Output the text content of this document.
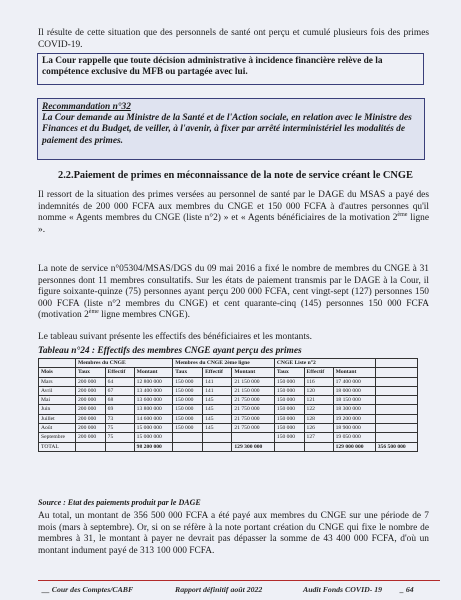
Il résulte de cette situation que des personnels de santé ont perçu et cumulé plusieurs fois des primes COVID-19.

La Cour rappelle que toute décision administrative à incidence financière relève de la compétence exclusive du MFB ou partagée avec lui.
Recommandation n°32
La Cour demande au Ministre de la Santé et de l'Action sociale, en relation avec le Ministre des Finances et du Budget, de veiller, à l'avenir, à fixer par arrêté interministériel les modalités de paiement des primes.
2.2.Paiement de primes en méconnaissance de la note de service créant le CNGE

Il ressort de la situation des primes versées au personnel de santé par le DAGE du MSAS a payé des indemnités de 200 000 FCFA aux membres du CNGE et 150 000 FCFA à d'autres personnes qu'il nomme « Agents membres du CNGE (liste n°2) » et « Agents bénéficiaires de la motivation 2ème ligne ».

La note de service n°05304/MSAS/DGS du 09 mai 2016 a fixé le nombre de membres du CNGE à 31 personnes dont 11 membres consultatifs. Sur les états de paiement transmis par le DAGE à la Cour, il figure soixante-quinze (75) personnes ayant perçu 200 000 FCFA, cent vingt-sept (127) personnes 150 000 FCFA (liste n°2 membres du CNGE) et cent quarante-cinq (145) personnes 150 000 FCFA (motivation 2ème ligne membres CNGE).

Le tableau suivant présente les effectifs des bénéficiaires et les montants.

Tableau n°24 : Effectifs des membres CNGE ayant perçu des primes
	Membres du CNGE			Membres du CNGE 2ème ligne			CNGE Liste n°2			
Mois	Taux	Effectif	Montant	Taux	Effectif	Montant	Taux	Effectif	Montant	
Mars	200 000	64	12 800 000	150 000	141	21 150 000	150 000	116	17 400 000	
Avril	200 000	67	13 400 000	150 000	141	21 150 000	150 000	120	18 000 000	
Mai	200 000	68	13 600 000	150 000	145	21 750 000	150 000	121	18 150 000	
Juin	200 000	69	13 800 000	150 000	145	21 750 000	150 000	122	18 300 000	
Juillet	200 000	73	14 600 000	150 000	145	21 750 000	150 000	128	19 200 000	
Août	200 000	75	15 000 000	150 000	145	21 750 000	150 000	126	18 900 000	
Septembre	200 000	75	15 000 000				150 000	127	19 050 000	
TOTAL			98 200 000			129 300 000			129 000 000	356 500 000
Source : Etat des paiements produit par le DAGE

Au total, un montant de 356 500 000 FCFA a été payé aux membres du CNGE sur une période de 7 mois (mars à septembre). Or, si on se réfère à la note portant création du CNGE qui fixe le nombre de membres à 31, le montant à payer ne devrait pas dépasser la somme de 43 400 000 FCFA, d'où un montant indument payé de 313 100 000 FCFA.

__ Cour des Comptes/CABF	Rapport définitif août 2022	Audit Fonds COVID- 19 _ 64
